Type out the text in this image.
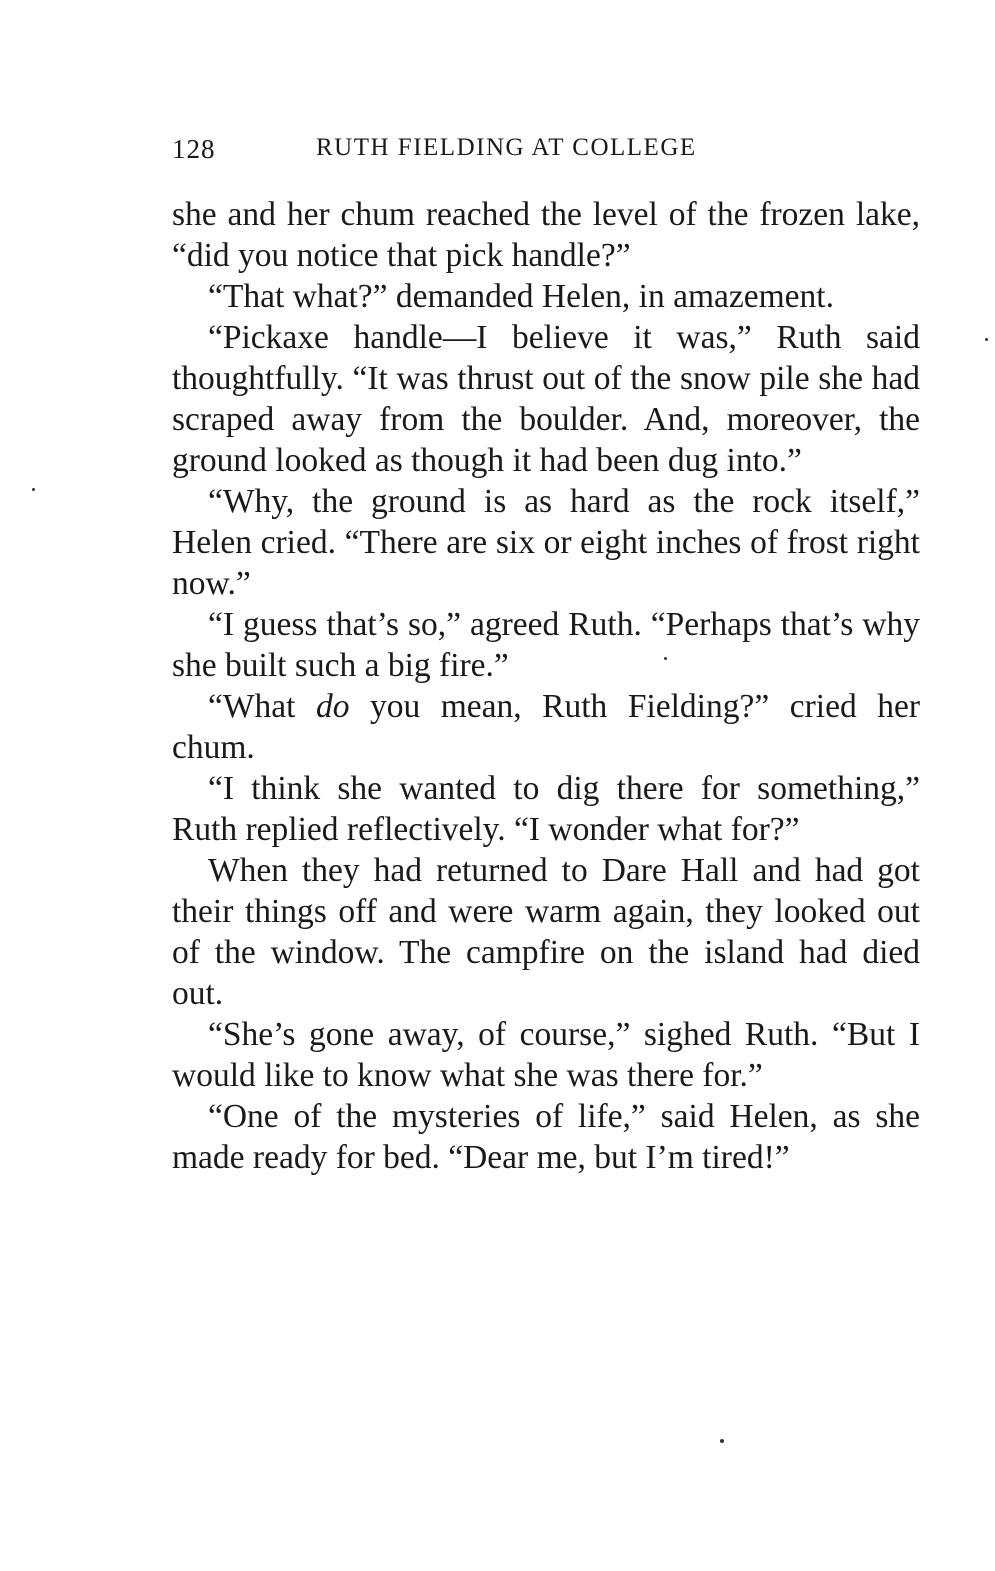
128	RUTH FIELDING AT COLLEGE

she and her chum reached the level of the frozen lake, “did you notice that pick handle?”

“That what?” demanded Helen, in amazement.

“Pickaxe handle—I believe it was,” Ruth said thoughtfully. “It was thrust out of the snow pile she had scraped away from the boulder. And, moreover, the ground looked as though it had been dug into.”

“Why, the ground is as hard as the rock itself,” Helen cried. “There are six or eight inches of frost right now.”

“I guess that’s so,” agreed Ruth. “Perhaps that’s why she built such a big fire.”

“What do you mean, Ruth Fielding?” cried her chum.

“I think she wanted to dig there for something,” Ruth replied reflectively. “I wonder what for?”

When they had returned to Dare Hall and had got their things off and were warm again, they looked out of the window. The campfire on the island had died out.

“She’s gone away, of course,” sighed Ruth. “But I would like to know what she was there for.”

“One of the mysteries of life,” said Helen, as she made ready for bed. “Dear me, but I’m tired!”
